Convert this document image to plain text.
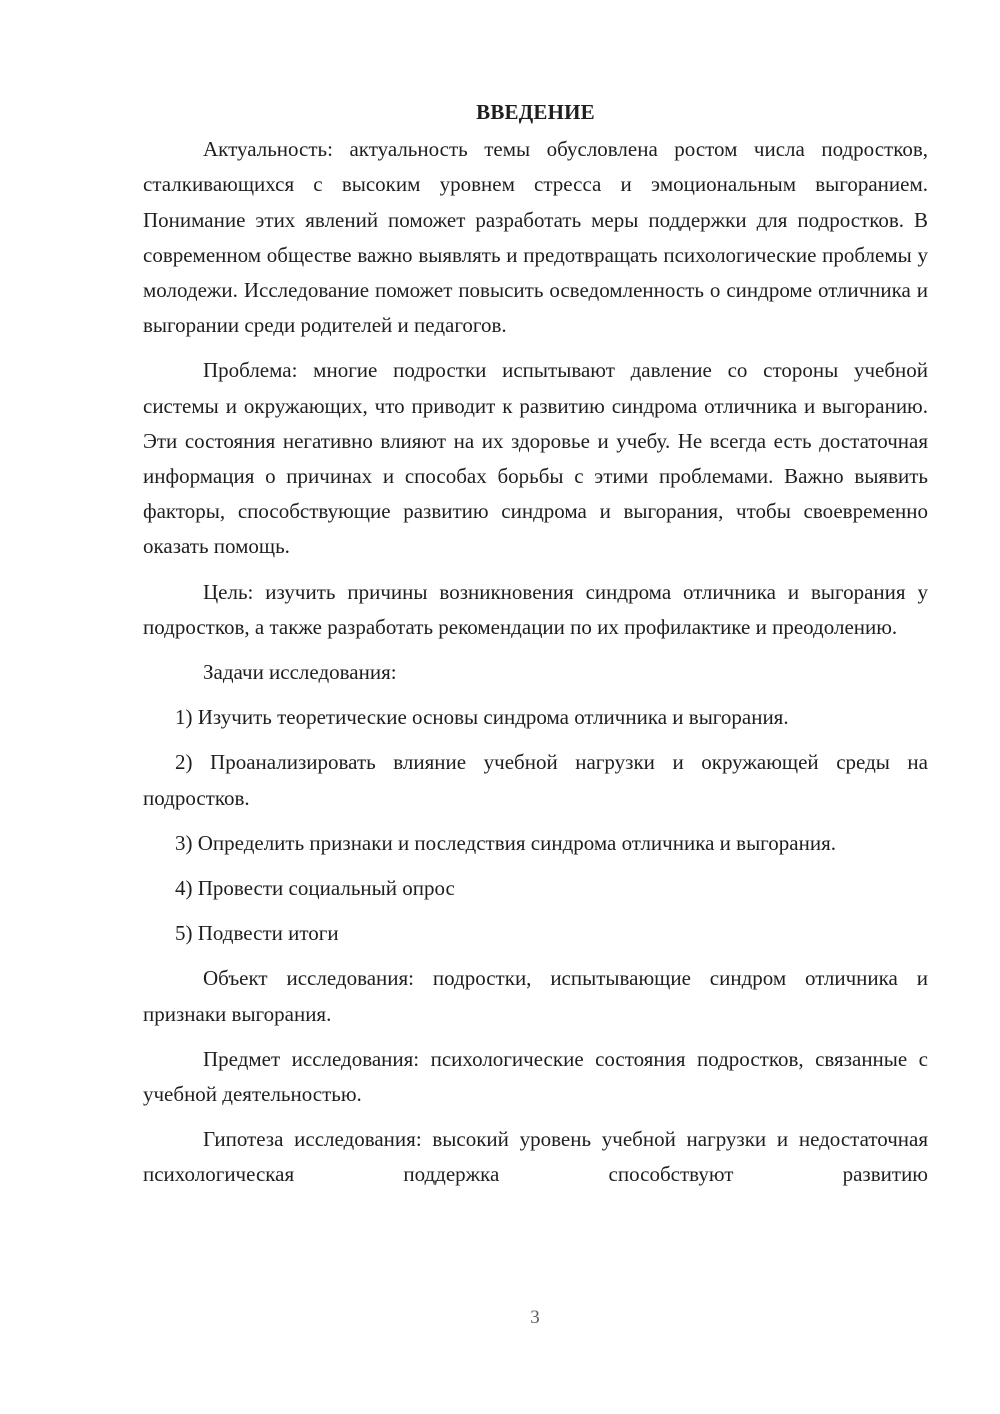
ВВЕДЕНИЕ

Актуальность: актуальность темы обусловлена ростом числа подростков, сталкивающихся с высоким уровнем стресса и эмоциональным выгоранием. Понимание этих явлений поможет разработать меры поддержки для подростков. В современном обществе важно выявлять и предотвращать психологические проблемы у молодежи. Исследование поможет повысить осведомленность о синдроме отличника и выгорании среди родителей и педагогов.

Проблема: многие подростки испытывают давление со стороны учебной системы и окружающих, что приводит к развитию синдрома отличника и выгоранию. Эти состояния негативно влияют на их здоровье и учебу. Не всегда есть достаточная информация о причинах и способах борьбы с этими проблемами. Важно выявить факторы, способствующие развитию синдрома и выгорания, чтобы своевременно оказать помощь.

Цель: изучить причины возникновения синдрома отличника и выгорания у подростков, а также разработать рекомендации по их профилактике и преодолению.

Задачи исследования:

1) Изучить теоретические основы синдрома отличника и выгорания.

2) Проанализировать влияние учебной нагрузки и окружающей среды на подростков.

3) Определить признаки и последствия синдрома отличника и выгорания.

4) Провести социальный опрос

5) Подвести итоги

Объект исследования: подростки, испытывающие синдром отличника и признаки выгорания.

Предмет исследования: психологические состояния подростков, связанные с учебной деятельностью.

Гипотеза исследования: высокий уровень учебной нагрузки и недостаточная психологическая поддержка способствуют развитию

3
